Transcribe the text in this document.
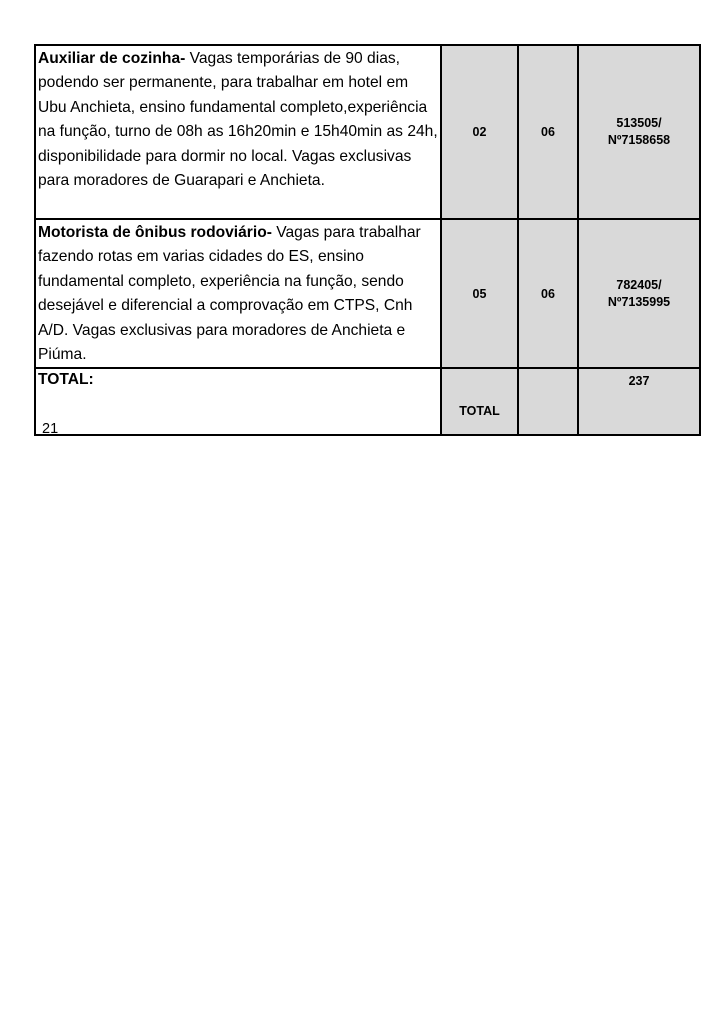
Auxiliar de cozinha- Vagas temporárias de 90 dias, podendo ser permanente, para trabalhar em hotel em Ubu Anchieta, ensino fundamental completo,experiência na função, turno de 08h as 16h20min e 15h40min as 24h, disponibilidade para dormir no local. Vagas exclusivas para moradores de Guarapari e Anchieta.	02	06	513505/
Nº7158658

Motorista de ônibus rodoviário- Vagas para trabalhar fazendo rotas em varias cidades do ES, ensino fundamental completo, experiência na função, sendo desejável e diferencial a comprovação em CTPS, Cnh A/D. Vagas exclusivas para moradores de Anchieta e Piúma.	05	06	782405/
Nº7135995

TOTAL:	TOTAL		237
21
